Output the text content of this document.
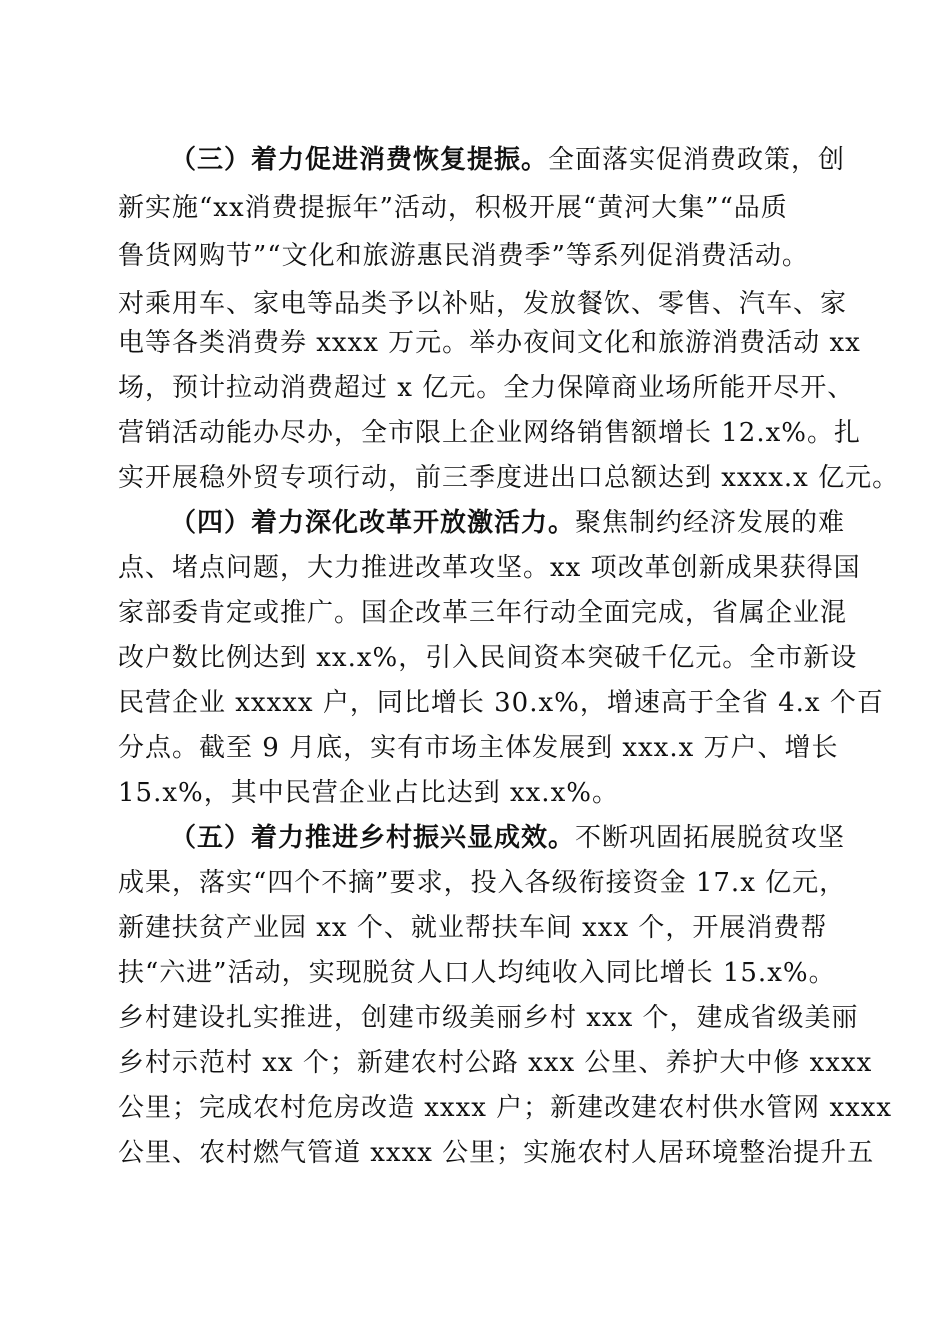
（三）着力促进消费恢复提振。全面落实促消费政策，创
新实施“xx消费提振年”活动，积极开展“黄河大集”“品质
鲁货网购节”“文化和旅游惠民消费季”等系列促消费活动。
对乘用车、家电等品类予以补贴，发放餐饮、零售、汽车、家
电等各类消费券 xxxx 万元。举办夜间文化和旅游消费活动 xx
场，预计拉动消费超过 x 亿元。全力保障商业场所能开尽开、
营销活动能办尽办，全市限上企业网络销售额增长 12.x%。扎
实开展稳外贸专项行动，前三季度进出口总额达到 xxxx.x 亿元。
（四）着力深化改革开放激活力。聚焦制约经济发展的难
点、堵点问题，大力推进改革攻坚。xx 项改革创新成果获得国
家部委肯定或推广。国企改革三年行动全面完成，省属企业混
改户数比例达到 xx.x%，引入民间资本突破千亿元。全市新设
民营企业 xxxxx 户，同比增长 30.x%，增速高于全省 4.x 个百
分点。截至 9 月底，实有市场主体发展到 xxx.x 万户、增长
15.x%，其中民营企业占比达到 xx.x%。
（五）着力推进乡村振兴显成效。不断巩固拓展脱贫攻坚
成果，落实“四个不摘”要求，投入各级衔接资金 17.x 亿元，
新建扶贫产业园 xx 个、就业帮扶车间 xxx 个，开展消费帮
扶“六进”活动，实现脱贫人口人均纯收入同比增长 15.x%。
乡村建设扎实推进，创建市级美丽乡村 xxx 个，建成省级美丽
乡村示范村 xx 个；新建农村公路 xxx 公里、养护大中修 xxxx
公里；完成农村危房改造 xxxx 户；新建改建农村供水管网 xxxx
公里、农村燃气管道 xxxx 公里；实施农村人居环境整治提升五
